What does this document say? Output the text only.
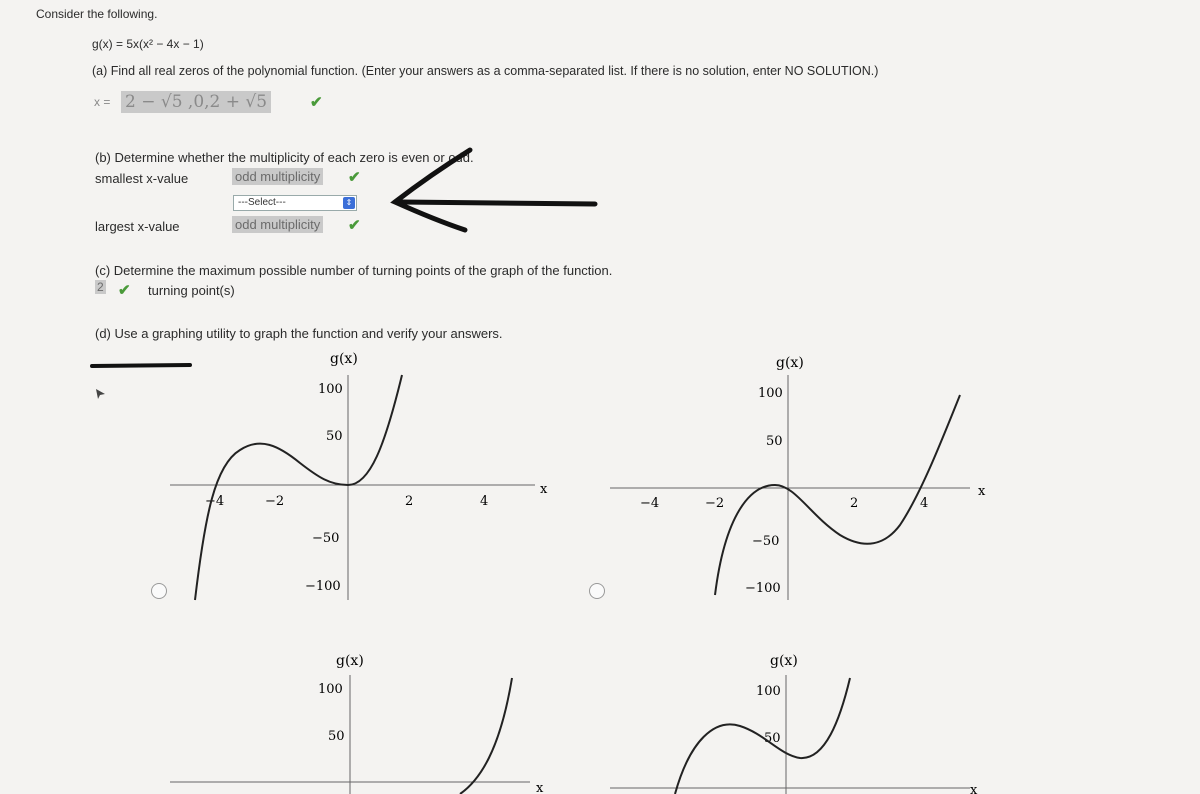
Consider the following.
g(x) = 5x(x² − 4x − 1)
(a) Find all real zeros of the polynomial function. (Enter your answers as a comma-separated list. If there is no solution, enter NO SOLUTION.)
x = 2 − √5 ,0,2 + √5	✔
(b) Determine whether the multiplicity of each zero is even or odd.
smallest x-value	odd multiplicity ✔
---Select---	⇕
largest x-value	odd multiplicity ✔
(c) Determine the maximum possible number of turning points of the graph of the function.
2 ✔ turning point(s)
(d) Use a graphing utility to graph the function and verify your answers.
g(x)
x
100
50
−50
−100
−4	−2	2	4
g(x)
x
100
50
−50
−100
−4	−2	2	4
g(x)
x
100
50
g(x)
x
100
50
